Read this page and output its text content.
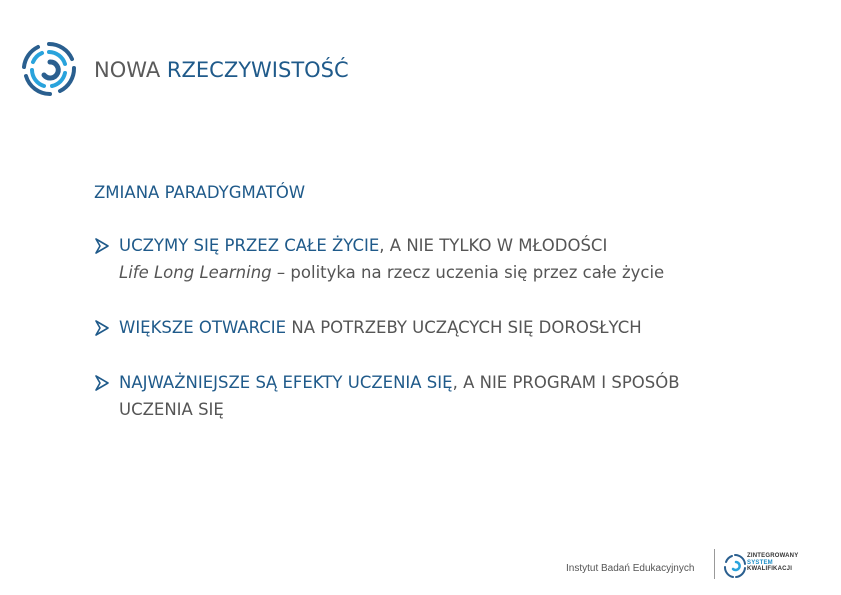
NOWA RZECZYWISTOŚĆ
ZMIANA PARADYGMATÓW
UCZYMY SIĘ PRZEZ CAŁE ŻYCIE, A NIE TYLKO W MŁODOŚCI
Life Long Learning – polityka na rzecz uczenia się przez całe życie
WIĘKSZE OTWARCIE NA POTRZEBY UCZĄCYCH SIĘ DOROSŁYCH
NAJWAŻNIEJSZE SĄ EFEKTY UCZENIA SIĘ, A NIE PROGRAM I SPOSÓB
UCZENIA SIĘ
Instytut Badań Edukacyjnych
ZINTEGROWANY
SYSTEM
KWALIFIKACJI
